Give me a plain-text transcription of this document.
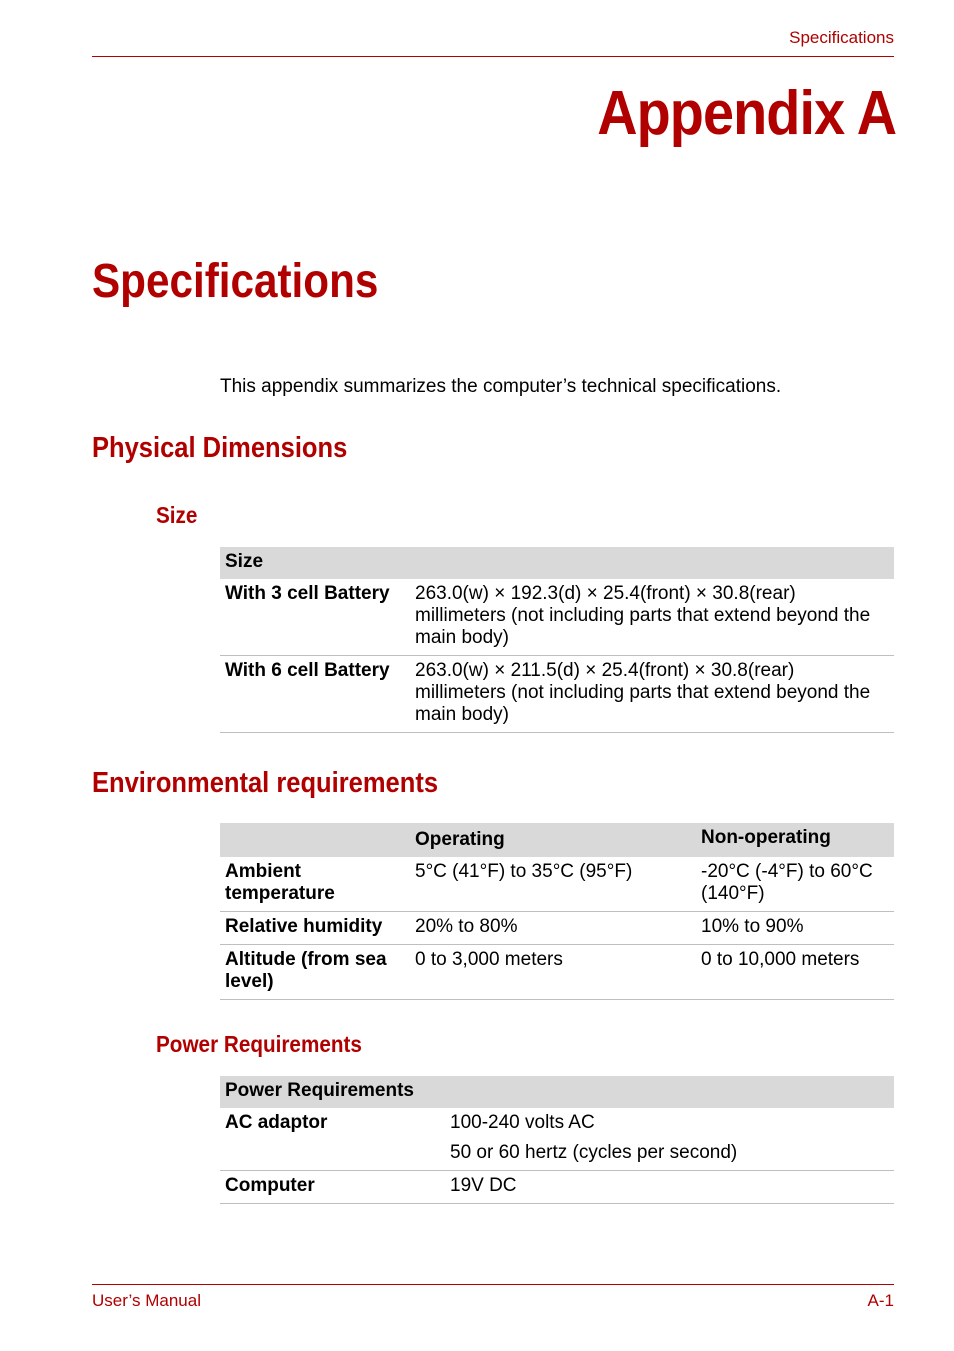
Specifications
Appendix A
Specifications
This appendix summarizes the computer’s technical specifications.
Physical Dimensions
Size
Size	
With 3 cell Battery	263.0(w) × 192.3(d) × 25.4(front) × 30.8(rear) millimeters (not including parts that extend beyond the main body)
With 6 cell Battery	263.0(w) × 211.5(d) × 25.4(front) × 30.8(rear) millimeters (not including parts that extend beyond the main body)
Environmental requirements
	Operating	Non-operating
Ambient temperature	5°C (41°F) to 35°C (95°F)	-20°C (-4°F) to 60°C (140°F)
Relative humidity	20% to 80%	10% to 90%
Altitude (from sea level)	0 to 3,000 meters	0 to 10,000 meters
Power Requirements
Power Requirements	
AC adaptor	100-240 volts AC
50 or 60 hertz (cycles per second)

Computer	19V DC
User’s Manual	A-1
